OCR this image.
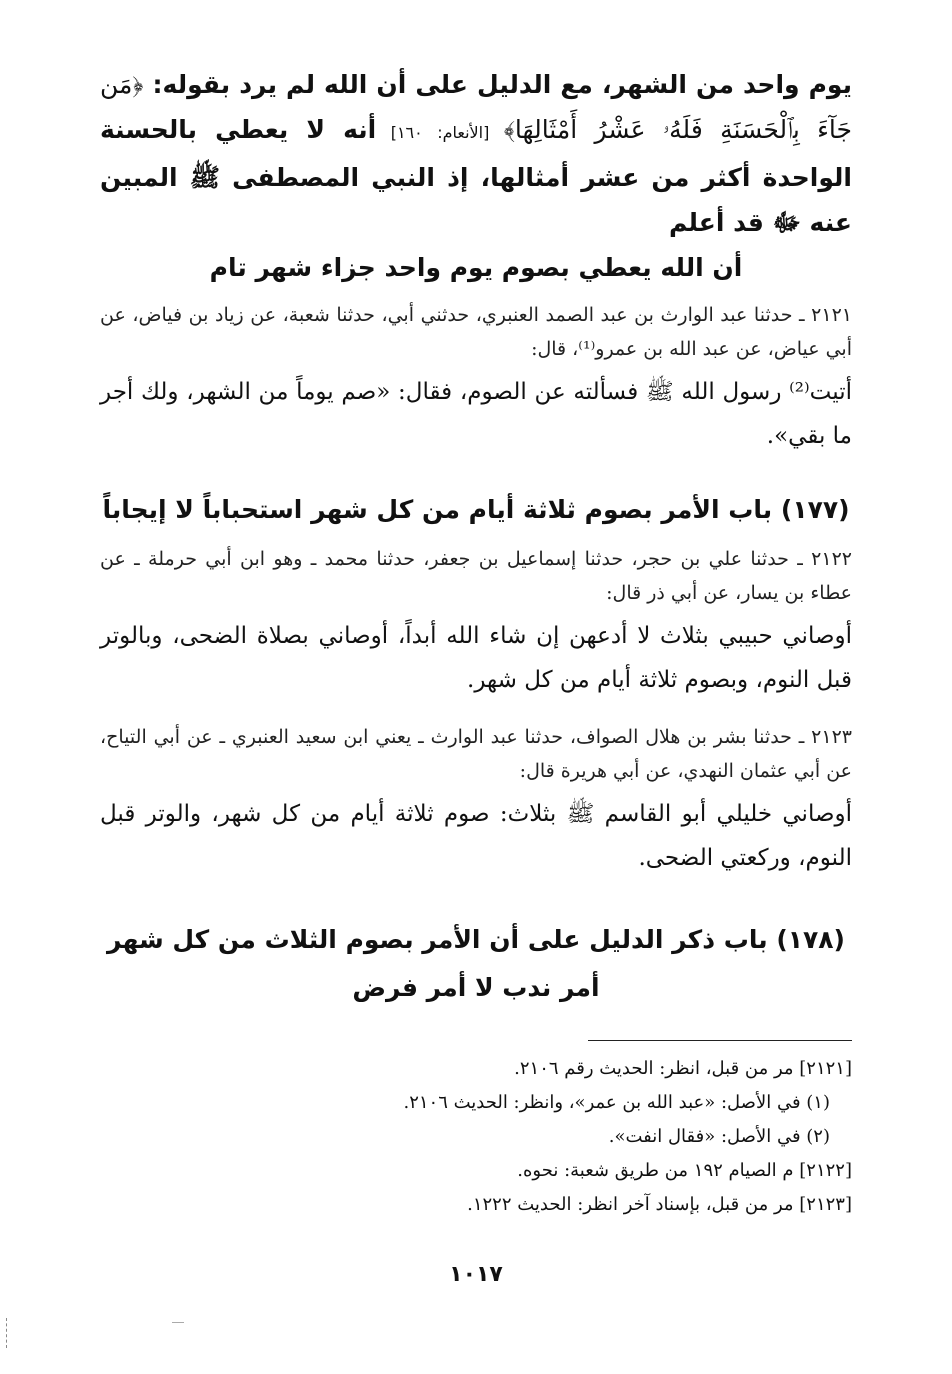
يوم واحد من الشهر، مع الدليل على أن الله لم يرد بقوله: ﴿مَن جَآءَ بِٱلْحَسَنَةِ فَلَهُۥ عَشْرُ أَمْثَالِهَا﴾ [الأنعام: ١٦٠] أنه لا يعطي بالحسنة الواحدة أكثر من عشر أمثالها، إذ النبي المصطفى ﷺ المبين عنه ﷻ قد أعلم
أن الله يعطي بصوم يوم واحد جزاء شهر تام

٢١٢١ ـ حدثنا عبد الوارث بن عبد الصمد العنبري، حدثني أبي، حدثنا شعبة، عن زياد بن فياض، عن أبي عياض، عن عبد الله بن عمرو⁽¹⁾، قال:

أتيت⁽²⁾ رسول الله ﷺ فسألته عن الصوم، فقال: «صم يوماً من الشهر، ولك أجر ما بقي».

(١٧٧) باب الأمر بصوم ثلاثة أيام من كل شهر استحباباً لا إيجاباً

٢١٢٢ ـ حدثنا علي بن حجر، حدثنا إسماعيل بن جعفر، حدثنا محمد ـ وهو ابن أبي حرملة ـ عن عطاء بن يسار، عن أبي ذر قال:

أوصاني حبيبي بثلاث لا أدعهن إن شاء الله أبداً، أوصاني بصلاة الضحى، وبالوتر قبل النوم، وبصوم ثلاثة أيام من كل شهر.

٢١٢٣ ـ حدثنا بشر بن هلال الصواف، حدثنا عبد الوارث ـ يعني ابن سعيد العنبري ـ عن أبي التياح، عن أبي عثمان النهدي، عن أبي هريرة قال:

أوصاني خليلي أبو القاسم ﷺ بثلاث: صوم ثلاثة أيام من كل شهر، والوتر قبل النوم، وركعتي الضحى.

(١٧٨) باب ذكر الدليل على أن الأمر بصوم الثلاث من كل شهر
أمر ندب لا أمر فرض

[٢١٢١] مر من قبل، انظر: الحديث رقم ٢١٠٦.

(١) في الأصل: «عبد الله بن عمر»، وانظر: الحديث ٢١٠٦.

(٢) في الأصل: «فقال انفت».

[٢١٢٢] م الصيام ١٩٢ من طريق شعبة: نحوه.

[٢١٢٣] مر من قبل، بإسناد آخر انظر: الحديث ١٢٢٢.

١٠١٧
